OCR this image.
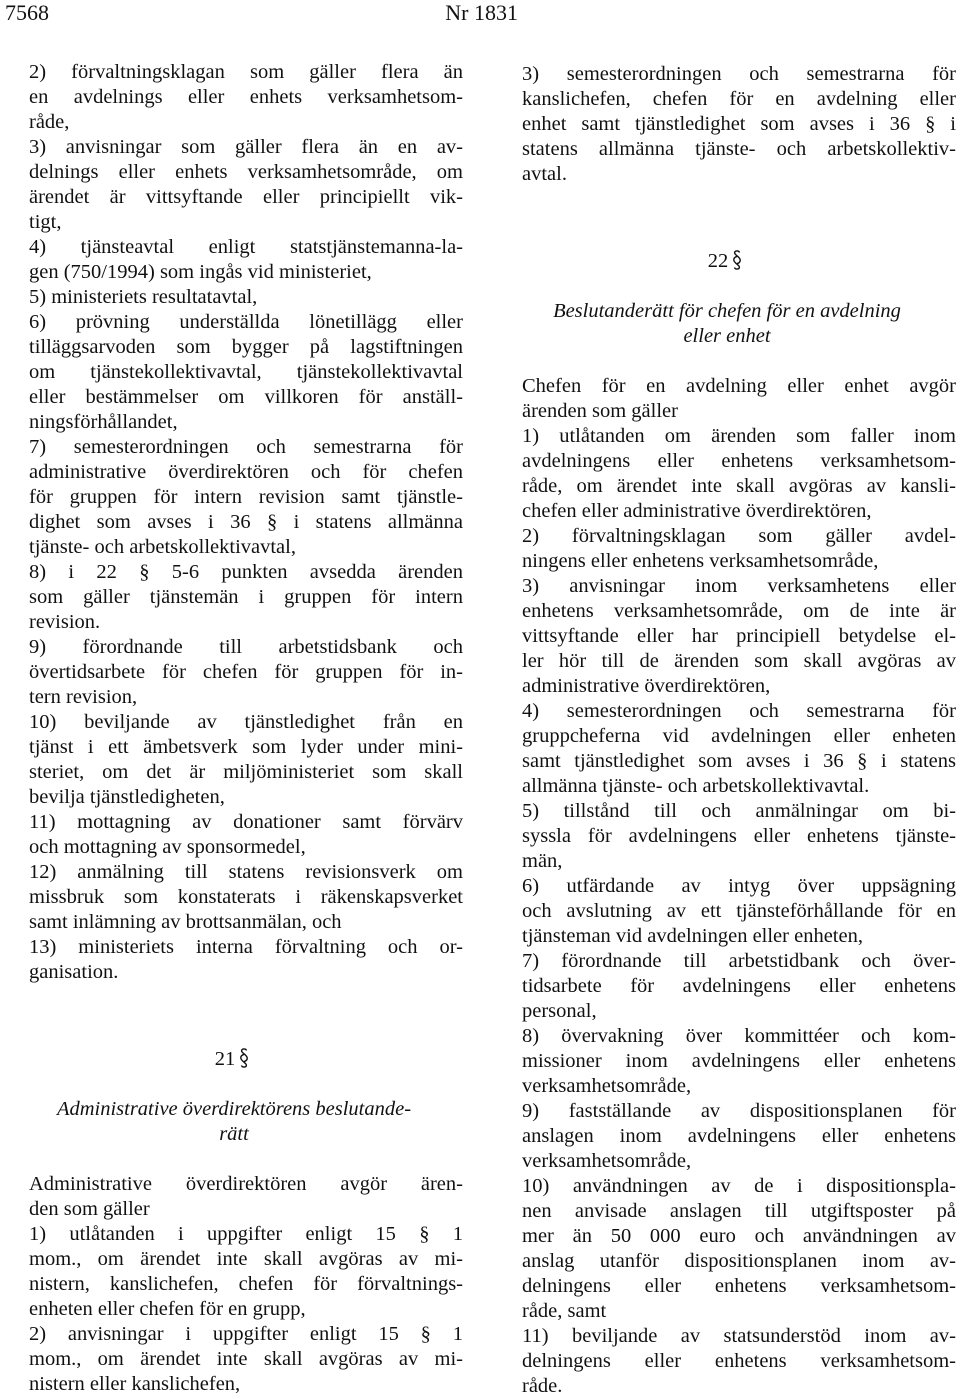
7568	Nr 1831

2) förvaltningsklagan som gäller flera än
en avdelnings eller enhets verksamhetsom-
råde,

3) anvisningar som gäller flera än en av-
delnings eller enhets verksamhetsområde, om
ärendet är vittsyftande eller principiellt vik-
tigt,

4) tjänsteavtal enligt statstjänstemanna-la-
gen (750/1994) som ingås vid ministeriet,

5) ministeriets resultatavtal,

6) prövning underställda lönetillägg eller
tilläggsarvoden som bygger på lagstiftningen
om tjänstekollektivavtal, tjänstekollektivavtal
eller bestämmelser om villkoren för anställ-
ningsförhållandet,

7) semesterordningen och semestrarna för
administrative överdirektören och för chefen
för gruppen för intern revision samt tjänstle-
dighet som avses i 36 § i statens allmänna
tjänste- och arbetskollektivavtal,

8) i 22 § 5-6 punkten avsedda ärenden
som gäller tjänstemän i gruppen för intern
revision.

9) förordnande till arbetstidsbank och
övertidsarbete för chefen för gruppen för in-
tern revision,

10) beviljande av tjänstledighet från en
tjänst i ett ämbetsverk som lyder under mini-
steriet, om det är miljöministeriet som skall
bevilja tjänstledigheten,

11) mottagning av donationer samt förvärv
och mottagning av sponsormedel,

12) anmälning till statens revisionsverk om
missbruk som konstaterats i räkenskapsverket
samt inlämning av brottsanmälan, och

13) ministeriets interna förvaltning och or-
ganisation.

21

Administrative överdirektörens beslutande-
rätt

Administrative överdirektören avgör ären-
den som gäller

1) utlåtanden i uppgifter enligt 15 § 1
mom., om ärendet inte skall avgöras av mi-
nistern, kanslichefen, chefen för förvaltnings-
enheten eller chefen för en grupp,

2) anvisningar i uppgifter enligt 15 § 1
mom., om ärendet inte skall avgöras av mi-
nistern eller kanslichefen,

3) semesterordningen och semestrarna för
kanslichefen, chefen för en avdelning eller
enhet samt tjänstledighet som avses i 36 § i
statens allmänna tjänste- och arbetskollektiv-
avtal.

22

Beslutanderätt för chefen för en avdelning
eller enhet

Chefen för en avdelning eller enhet avgör
ärenden som gäller

1) utlåtanden om ärenden som faller inom
avdelningens eller enhetens verksamhetsom-
råde, om ärendet inte skall avgöras av kansli-
chefen eller administrative överdirektören,

2) förvaltningsklagan som gäller avdel-
ningens eller enhetens verksamhetsområde,

3) anvisningar inom verksamhetens eller
enhetens verksamhetsområde, om de inte är
vittsyftande eller har principiell betydelse el-
ler hör till de ärenden som skall avgöras av
administrative överdirektören,

4) semesterordningen och semestrarna för
gruppcheferna vid avdelningen eller enheten
samt tjänstledighet som avses i 36 § i statens
allmänna tjänste- och arbetskollektivavtal.

5) tillstånd till och anmälningar om bi-
syssla för avdelningens eller enhetens tjänste-
män,

6) utfärdande av intyg över uppsägning
och avslutning av ett tjänsteförhållande för en
tjänsteman vid avdelningen eller enheten,

7) förordnande till arbetstidbank och över-
tidsarbete för avdelningens eller enhetens
personal,

8) övervakning över kommittéer och kom-
missioner inom avdelningens eller enhetens
verksamhetsområde,

9) fastställande av dispositionsplanen för
anslagen inom avdelningens eller enhetens
verksamhetsområde,

10) användningen av de i dispositionspla-
nen anvisade anslagen till utgiftsposter på
mer än 50 000 euro och användningen av
anslag utanför dispositionsplanen inom av-
delningens eller enhetens verksamhetsom-
råde, samt

11) beviljande av statsunderstöd inom av-
delningens eller enhetens verksamhetsom-
råde.
